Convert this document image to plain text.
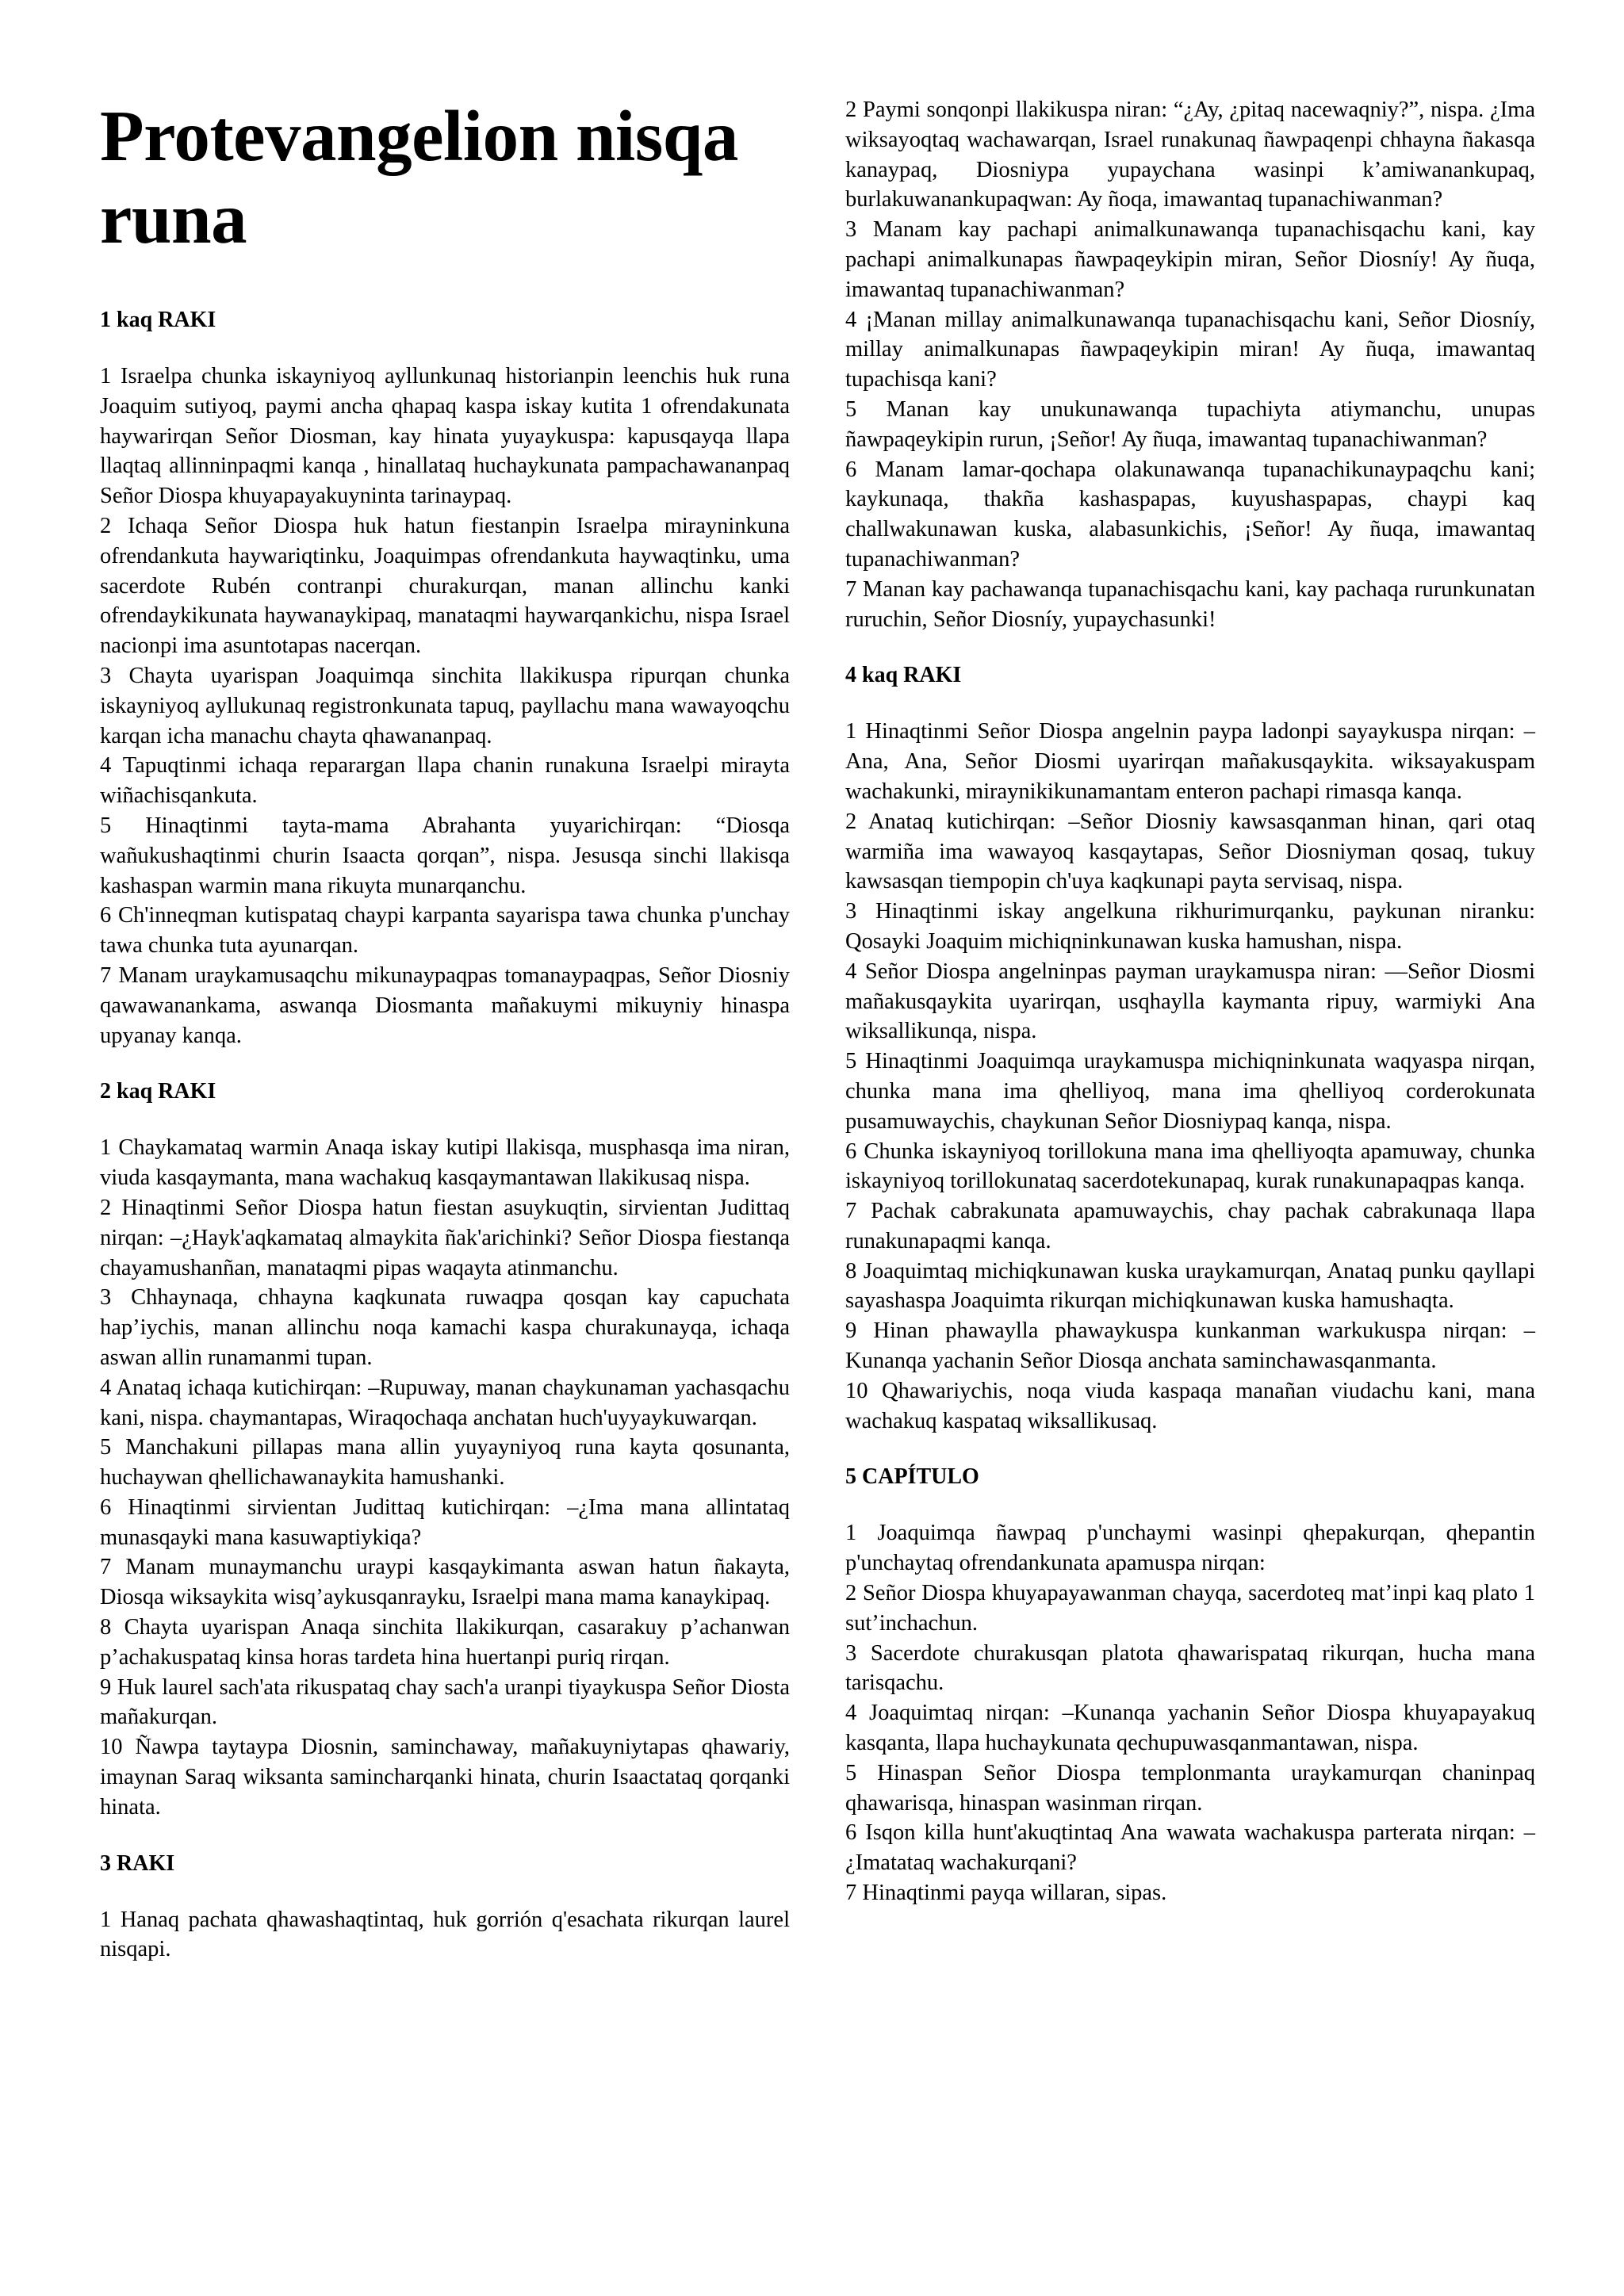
Protevangelion nisqa runa
1 kaq RAKI

1 Israelpa chunka iskayniyoq ayllunkunaq historianpin leenchis huk runa Joaquim sutiyoq, paymi ancha qhapaq kaspa iskay kutita 1 ofrendakunata haywarirqan Señor Diosman, kay hinata yuyaykuspa: kapusqayqa llapa llaqtaq allinninpaqmi kanqa , hinallataq huchaykunata pampachawananpaq Señor Diospa khuyapayakuyninta tarinaypaq.

2 Ichaqa Señor Diospa huk hatun fiestanpin Israelpa mirayninkuna ofrendankuta haywariqtinku, Joaquimpas ofrendankuta haywaqtinku, uma sacerdote Rubén contranpi churakurqan, manan allinchu kanki ofrendaykikunata haywanaykipaq, manataqmi haywarqankichu, nispa Israel nacionpi ima asuntotapas nacerqan.

3 Chayta uyarispan Joaquimqa sinchita llakikuspa ripurqan chunka iskayniyoq ayllukunaq registronkunata tapuq, payllachu mana wawayoqchu karqan icha manachu chayta qhawananpaq.

4 Tapuqtinmi ichaqa reparargan llapa chanin runakuna Israelpi mirayta wiñachisqankuta.

5 Hinaqtinmi tayta-mama Abrahanta yuyarichirqan: “Diosqa wañukushaqtinmi churin Isaacta qorqan”, nispa. Jesusqa sinchi llakisqa kashaspan warmin mana rikuyta munarqanchu.

6 Ch'inneqman kutispataq chaypi karpanta sayarispa tawa chunka p'unchay tawa chunka tuta ayunarqan.

7 Manam uraykamusaqchu mikunaypaqpas tomanaypaqpas, Señor Diosniy qawawanankama, aswanqa Diosmanta mañakuymi mikuyniy hinaspa upyanay kanqa.

2 kaq RAKI

1 Chaykamataq warmin Anaqa iskay kutipi llakisqa, musphasqa ima niran, viuda kasqaymanta, mana wachakuq kasqaymantawan llakikusaq nispa.

2 Hinaqtinmi Señor Diospa hatun fiestan asuykuqtin, sirvientan Judittaq nirqan: –¿Hayk'aqkamataq almaykita ñak'arichinki? Señor Diospa fiestanqa chayamushanñan, manataqmi pipas waqayta atinmanchu.

3 Chhaynaqa, chhayna kaqkunata ruwaqpa qosqan kay capuchata hap’iychis, manan allinchu noqa kamachi kaspa churakunayqa, ichaqa aswan allin runamanmi tupan.

4 Anataq ichaqa kutichirqan: –Rupuway, manan chaykunaman yachasqachu kani, nispa. chaymantapas, Wiraqochaqa anchatan huch'uyyaykuwarqan.

5 Manchakuni pillapas mana allin yuyayniyoq runa kayta qosunanta, huchaywan qhellichawanaykita hamushanki.

6 Hinaqtinmi sirvientan Judittaq kutichirqan: –¿Ima mana allintataq munasqayki mana kasuwaptiykiqa?

7 Manam munaymanchu uraypi kasqaykimanta aswan hatun ñakayta, Diosqa wiksaykita wisq’aykusqanrayku, Israelpi mana mama kanaykipaq.

8 Chayta uyarispan Anaqa sinchita llakikurqan, casarakuy p’achanwan p’achakuspataq kinsa horas tardeta hina huertanpi puriq rirqan.

9 Huk laurel sach'ata rikuspataq chay sach'a uranpi tiyaykuspa Señor Diosta mañakurqan.

10 Ñawpa taytaypa Diosnin, saminchaway, mañakuyniytapas qhawariy, imaynan Saraq wiksanta samincharqanki hinata, churin Isaactataq qorqanki hinata.

3 RAKI

1 Hanaq pachata qhawashaqtintaq, huk gorrión q'esachata rikurqan laurel nisqapi.

2 Paymi sonqonpi llakikuspa niran: “¿Ay, ¿pitaq nacewaqniy?”, nispa. ¿Ima wiksayoqtaq wachawarqan, Israel runakunaq ñawpaqenpi chhayna ñakasqa kanaypaq, Diosniypa yupaychana wasinpi k’amiwanankupaq, burlakuwanankupaqwan: Ay ñoqa, imawantaq tupanachiwanman?

3 Manam kay pachapi animalkunawanqa tupanachisqachu kani, kay pachapi animalkunapas ñawpaqeykipin miran, Señor Diosníy! Ay ñuqa, imawantaq tupanachiwanman?

4 ¡Manan millay animalkunawanqa tupanachisqachu kani, Señor Diosníy, millay animalkunapas ñawpaqeykipin miran! Ay ñuqa, imawantaq tupachisqa kani?

5 Manan kay unukunawanqa tupachiyta atiymanchu, unupas ñawpaqeykipin rurun, ¡Señor! Ay ñuqa, imawantaq tupanachiwanman?

6 Manam lamar-qochapa olakunawanqa tupanachikunaypaqchu kani; kaykunaqa, thakña kashaspapas, kuyushaspapas, chaypi kaq challwakunawan kuska, alabasunkichis, ¡Señor! Ay ñuqa, imawantaq tupanachiwanman?

7 Manan kay pachawanqa tupanachisqachu kani, kay pachaqa rurunkunatan ruruchin, Señor Diosníy, yupaychasunki!

4 kaq RAKI

1 Hinaqtinmi Señor Diospa angelnin paypa ladonpi sayaykuspa nirqan: –Ana, Ana, Señor Diosmi uyarirqan mañakusqaykita. wiksayakuspam wachakunki, miraynikikunamantam enteron pachapi rimasqa kanqa.

2 Anataq kutichirqan: –Señor Diosniy kawsasqanman hinan, qari otaq warmiña ima wawayoq kasqaytapas, Señor Diosniyman qosaq, tukuy kawsasqan tiempopin ch'uya kaqkunapi payta servisaq, nispa.

3 Hinaqtinmi iskay angelkuna rikhurimurqanku, paykunan niranku: Qosayki Joaquim michiqninkunawan kuska hamushan, nispa.

4 Señor Diospa angelninpas payman uraykamuspa niran: —Señor Diosmi mañakusqaykita uyarirqan, usqhaylla kaymanta ripuy, warmiyki Ana wiksallikunqa, nispa.

5 Hinaqtinmi Joaquimqa uraykamuspa michiqninkunata waqyaspa nirqan, chunka mana ima qhelliyoq, mana ima qhelliyoq corderokunata pusamuwaychis, chaykunan Señor Diosniypaq kanqa, nispa.

6 Chunka iskayniyoq torillokuna mana ima qhelliyoqta apamuway, chunka iskayniyoq torillokunataq sacerdotekunapaq, kurak runakunapaqpas kanqa.

7 Pachak cabrakunata apamuwaychis, chay pachak cabrakunaqa llapa runakunapaqmi kanqa.

8 Joaquimtaq michiqkunawan kuska uraykamurqan, Anataq punku qayllapi sayashaspa Joaquimta rikurqan michiqkunawan kuska hamushaqta.

9 Hinan phawaylla phawaykuspa kunkanman warkukuspa nirqan: –Kunanqa yachanin Señor Diosqa anchata saminchawasqanmanta.

10 Qhawariychis, noqa viuda kaspaqa manañan viudachu kani, mana wachakuq kaspataq wiksallikusaq.

5 CAPÍTULO

1 Joaquimqa ñawpaq p'unchaymi wasinpi qhepakurqan, qhepantin p'unchaytaq ofrendankunata apamuspa nirqan:

2 Señor Diospa khuyapayawanman chayqa, sacerdoteq mat’inpi kaq plato 1 sut’inchachun.

3 Sacerdote churakusqan platota qhawarispataq rikurqan, hucha mana tarisqachu.

4 Joaquimtaq nirqan: –Kunanqa yachanin Señor Diospa khuyapayakuq kasqanta, llapa huchaykunata qechupuwasqanmantawan, nispa.

5 Hinaspan Señor Diospa templonmanta uraykamurqan chaninpaq qhawarisqa, hinaspan wasinman rirqan.

6 Isqon killa hunt'akuqtintaq Ana wawata wachakuspa parterata nirqan: –¿Imatataq wachakurqani?

7 Hinaqtinmi payqa willaran, sipas.
